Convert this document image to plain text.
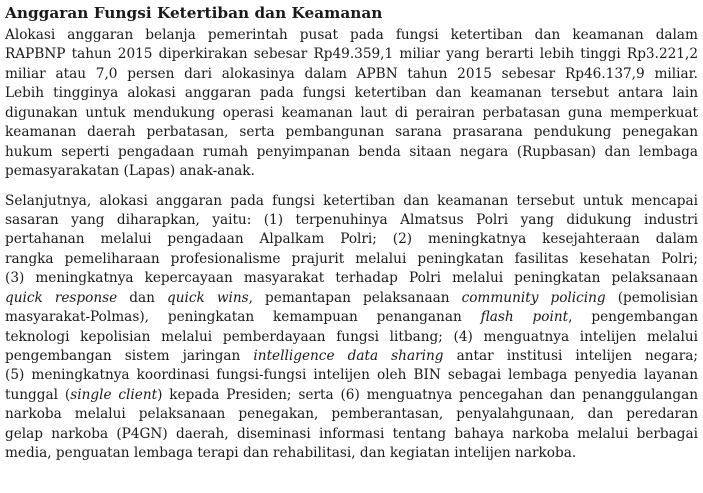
Anggaran Fungsi Ketertiban dan Keamanan
Alokasi anggaran belanja pemerintah pusat pada fungsi ketertiban dan keamanan dalam
RAPBNP tahun 2015 diperkirakan sebesar Rp49.359,1 miliar yang berarti lebih tinggi Rp3.221,2
miliar atau 7,0 persen dari alokasinya dalam APBN tahun 2015 sebesar Rp46.137,9 miliar.
Lebih tingginya alokasi anggaran pada fungsi ketertiban dan keamanan tersebut antara lain
digunakan untuk mendukung operasi keamanan laut di perairan perbatasan guna memperkuat
keamanan daerah perbatasan, serta pembangunan sarana prasarana pendukung penegakan
hukum seperti pengadaan rumah penyimpanan benda sitaan negara (Rupbasan) dan lembaga
pemasyarakatan (Lapas) anak-anak.
Selanjutnya, alokasi anggaran pada fungsi ketertiban dan keamanan tersebut untuk mencapai
sasaran yang diharapkan, yaitu: (1) terpenuhinya Almatsus Polri yang didukung industri
pertahanan melalui pengadaan Alpalkam Polri; (2) meningkatnya kesejahteraan dalam
rangka pemeliharaan profesionalisme prajurit melalui peningkatan fasilitas kesehatan Polri;
(3) meningkatnya kepercayaan masyarakat terhadap Polri melalui peningkatan pelaksanaan
quick response dan quick wins, pemantapan pelaksanaan community policing (pemolisian
masyarakat-Polmas), peningkatan kemampuan penanganan flash point, pengembangan
teknologi kepolisian melalui pemberdayaan fungsi litbang; (4) menguatnya intelijen melalui
pengembangan sistem jaringan intelligence data sharing antar institusi intelijen negara;
(5) meningkatnya koordinasi fungsi-fungsi intelijen oleh BIN sebagai lembaga penyedia layanan
tunggal (single client) kepada Presiden; serta (6) menguatnya pencegahan dan penanggulangan
narkoba melalui pelaksanaan penegakan, pemberantasan, penyalahgunaan, dan peredaran
gelap narkoba (P4GN) daerah, diseminasi informasi tentang bahaya narkoba melalui berbagai
media, penguatan lembaga terapi dan rehabilitasi, dan kegiatan intelijen narkoba.
